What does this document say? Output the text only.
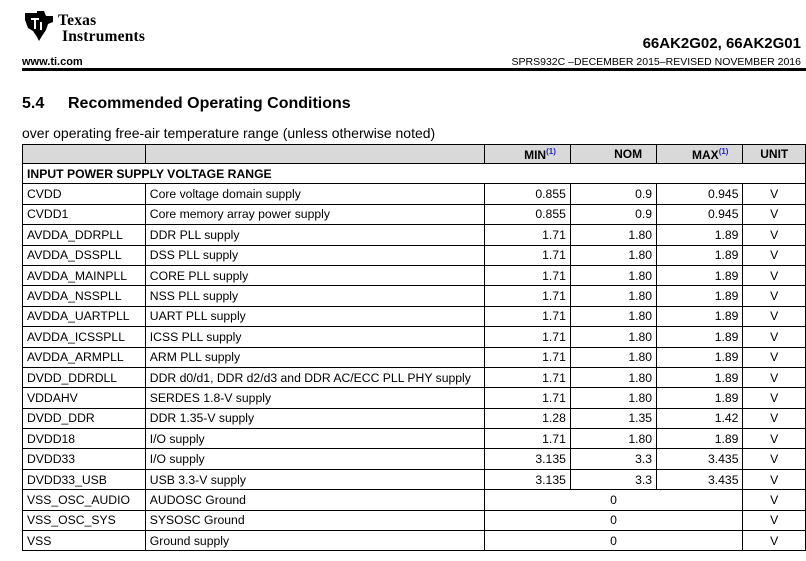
Texas
Instruments
www.ti.com
66AK2G02, 66AK2G01
SPRS932C –DECEMBER 2015–REVISED NOVEMBER 2016
5.4 Recommended Operating Conditions
over operating free-air temperature range (unless otherwise noted)
		MIN$^{(1)}$	NOM	MAX$^{(1)}$	UNIT
INPUT POWER SUPPLY VOLTAGE RANGE					
CVDD	Core voltage domain supply	0.855	0.9	0.945	V
CVDD1	Core memory array power supply	0.855	0.9	0.945	V
AVDDA_DDRPLL	DDR PLL supply	1.71	1.80	1.89	V
AVDDA_DSSPLL	DSS PLL supply	1.71	1.80	1.89	V
AVDDA_MAINPLL	CORE PLL supply	1.71	1.80	1.89	V
AVDDA_NSSPLL	NSS PLL supply	1.71	1.80	1.89	V
AVDDA_UARTPLL	UART PLL supply	1.71	1.80	1.89	V
AVDDA_ICSSPLL	ICSS PLL supply	1.71	1.80	1.89	V
AVDDA_ARMPLL	ARM PLL supply	1.71	1.80	1.89	V
DVDD_DDRDLL	DDR d0/d1, DDR d2/d3 and DDR AC/ECC PLL PHY supply	1.71	1.80	1.89	V
VDDAHV	SERDES 1.8-V supply	1.71	1.80	1.89	V
DVDD_DDR	DDR 1.35-V supply	1.28	1.35	1.42	V
DVDD18	I/O supply	1.71	1.80	1.89	V
DVDD33	I/O supply	3.135	3.3	3.435	V
DVDD33_USB	USB 3.3-V supply	3.135	3.3	3.435	V
VSS_OSC_AUDIO	AUDOSC Ground	0			V
VSS_OSC_SYS	SYSOSC Ground	0			V
VSS	Ground supply	0			V
